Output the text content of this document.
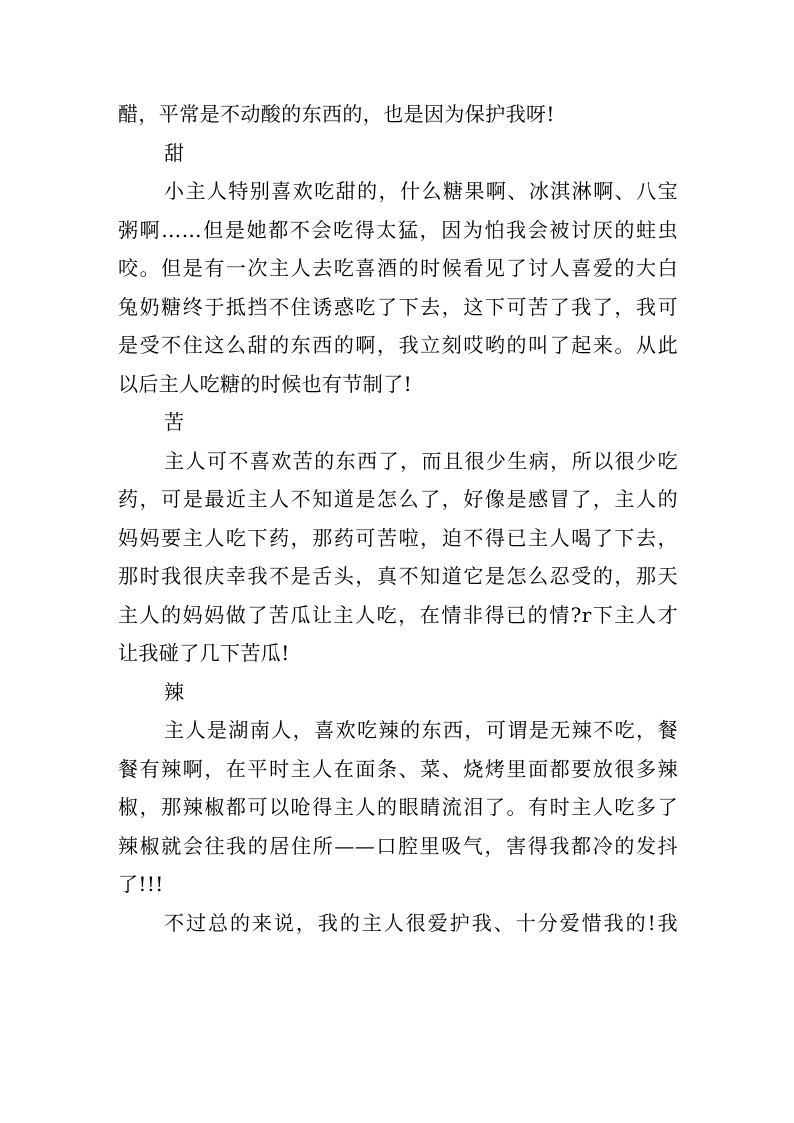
醋，平常是不动酸的东西的，也是因为保护我呀!
甜
小主人特别喜欢吃甜的，什么糖果啊、冰淇淋啊、八宝
粥啊……但是她都不会吃得太猛，因为怕我会被讨厌的蛀虫
咬。但是有一次主人去吃喜酒的时候看见了讨人喜爱的大白
兔奶糖终于抵挡不住诱惑吃了下去，这下可苦了我了，我可
是受不住这么甜的东西的啊，我立刻哎哟的叫了起来。从此
以后主人吃糖的时候也有节制了!
苦
主人可不喜欢苦的东西了，而且很少生病，所以很少吃
药，可是最近主人不知道是怎么了，好像是感冒了，主人的
妈妈要主人吃下药，那药可苦啦，迫不得已主人喝了下去，
那时我很庆幸我不是舌头，真不知道它是怎么忍受的，那天
主人的妈妈做了苦瓜让主人吃，在情非得已的情?r下主人才
让我碰了几下苦瓜!
辣
主人是湖南人，喜欢吃辣的东西，可谓是无辣不吃，餐
餐有辣啊，在平时主人在面条、菜、烧烤里面都要放很多辣
椒，那辣椒都可以呛得主人的眼睛流泪了。有时主人吃多了
辣椒就会往我的居住所——口腔里吸气，害得我都冷的发抖
了!!!
不过总的来说，我的主人很爱护我、十分爱惜我的!我
